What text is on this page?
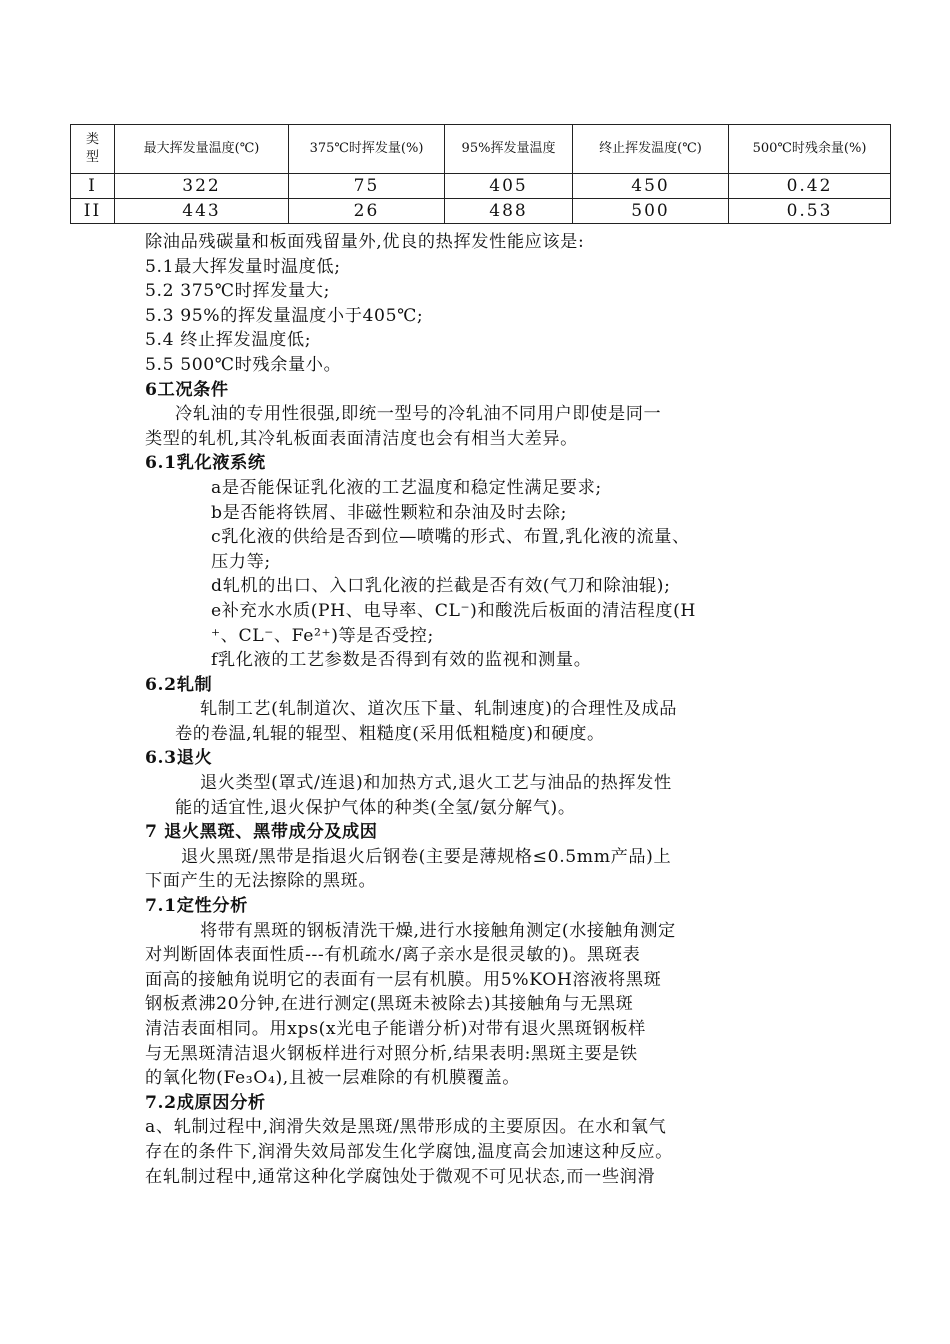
类型	最大挥发量温度(℃)	375℃时挥发量(%)	95%挥发量温度	终止挥发温度(℃)	500℃时残余量(%)
I	322	75	405	450	0.42
II	443	26	488	500	0.53

除油品残碳量和板面残留量外,优良的热挥发性能应该是:

5.1最大挥发量时温度低;

5.2 375℃时挥发量大;

5.3 95%的挥发量温度小于405℃;

5.4 终止挥发温度低;

5.5 500℃时残余量小。

6工况条件

冷轧油的专用性很强,即统一型号的冷轧油不同用户即使是同一

类型的轧机,其冷轧板面表面清洁度也会有相当大差异。

6.1乳化液系统

a是否能保证乳化液的工艺温度和稳定性满足要求;

b是否能将铁屑、非磁性颗粒和杂油及时去除;

c乳化液的供给是否到位—喷嘴的形式、布置,乳化液的流量、

压力等;

d轧机的出口、入口乳化液的拦截是否有效(气刀和除油辊);

e补充水水质(PH、电导率、CL⁻)和酸洗后板面的清洁程度(H

⁺、CL⁻、Fe²⁺)等是否受控;

f乳化液的工艺参数是否得到有效的监视和测量。

6.2轧制

轧制工艺(轧制道次、道次压下量、轧制速度)的合理性及成品

卷的卷温,轧辊的辊型、粗糙度(采用低粗糙度)和硬度。

6.3退火

退火类型(罩式/连退)和加热方式,退火工艺与油品的热挥发性

能的适宜性,退火保护气体的种类(全氢/氨分解气)。

7 退火黑斑、黑带成分及成因

退火黑斑/黑带是指退火后钢卷(主要是薄规格≤0.5mm产品)上

下面产生的无法擦除的黑斑。

7.1定性分析

将带有黑斑的钢板清洗干燥,进行水接触角测定(水接触角测定

对判断固体表面性质---有机疏水/离子亲水是很灵敏的)。黑斑表

面高的接触角说明它的表面有一层有机膜。用5%KOH溶液将黑斑

钢板煮沸20分钟,在进行测定(黑斑未被除去)其接触角与无黑斑

清洁表面相同。用xps(x光电子能谱分析)对带有退火黑斑钢板样

与无黑斑清洁退火钢板样进行对照分析,结果表明:黑斑主要是铁

的氧化物(Fe₃O₄),且被一层难除的有机膜覆盖。

7.2成原因分析

a、轧制过程中,润滑失效是黑斑/黑带形成的主要原因。在水和氧气

存在的条件下,润滑失效局部发生化学腐蚀,温度高会加速这种反应。

在轧制过程中,通常这种化学腐蚀处于微观不可见状态,而一些润滑
